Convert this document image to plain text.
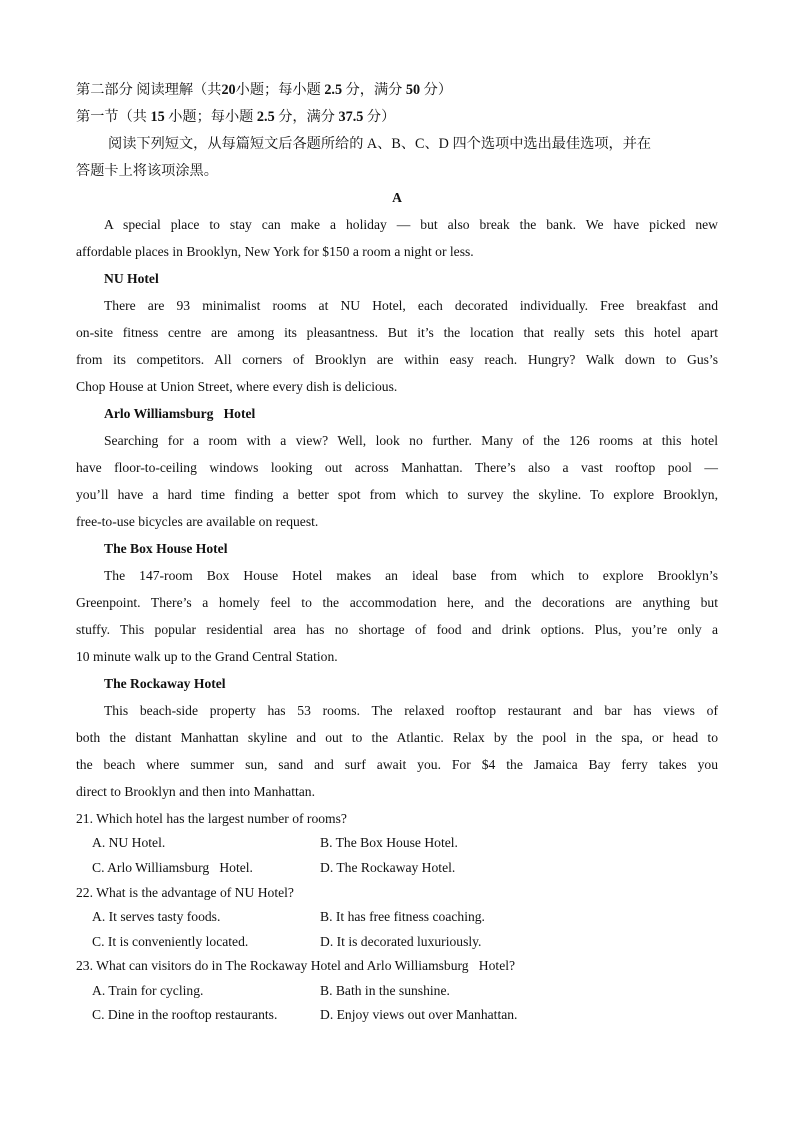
第二部分 阅读理解（共20小题；每小题 2.5 分，满分 50 分）
第一节（共 15 小题；每小题 2.5 分，满分 37.5 分）
阅读下列短文，从每篇短文后各题所给的 A、B、C、D 四个选项中选出最佳选项，并在
答题卡上将该项涂黑。
A
A special place to stay can make a holiday — but also break the bank. We have picked new
affordable places in Brooklyn, New York for $150 a room a night or less.
NU Hotel
There are 93 minimalist rooms at NU Hotel, each decorated individually. Free breakfast and
on-site fitness centre are among its pleasantness. But it’s the location that really sets this hotel apart
from its competitors. All corners of Brooklyn are within easy reach. Hungry? Walk down to Gus’s
Chop House at Union Street, where every dish is delicious.
Arlo Williamsburg   Hotel
Searching for a room with a view? Well, look no further. Many of the 126 rooms at this hotel
have floor-to-ceiling windows looking out across Manhattan. There’s also a vast rooftop pool —
you’ll have a hard time finding a better spot from which to survey the skyline. To explore Brooklyn,
free-to-use bicycles are available on request.
The Box House Hotel
The 147-room Box House Hotel makes an ideal base from which to explore Brooklyn’s
Greenpoint. There’s a homely feel to the accommodation here, and the decorations are anything but
stuffy. This popular residential area has no shortage of food and drink options. Plus, you’re only a
10 minute walk up to the Grand Central Station.
The Rockaway Hotel
This beach-side property has 53 rooms. The relaxed rooftop restaurant and bar has views of
both the distant Manhattan skyline and out to the Atlantic. Relax by the pool in the spa, or head to
the beach where summer sun, sand and surf await you. For $4 the Jamaica Bay ferry takes you
direct to Brooklyn and then into Manhattan.
21. Which hotel has the largest number of rooms?
A. NU Hotel.	B. The Box House Hotel.
C. Arlo Williamsburg   Hotel.	D. The Rockaway Hotel.
22. What is the advantage of NU Hotel?
A. It serves tasty foods.	B. It has free fitness coaching.
C. It is conveniently located.	D. It is decorated luxuriously.
23. What can visitors do in The Rockaway Hotel and Arlo Williamsburg   Hotel?
A. Train for cycling.	B. Bath in the sunshine.
C. Dine in the rooftop restaurants.	D. Enjoy views out over Manhattan.
